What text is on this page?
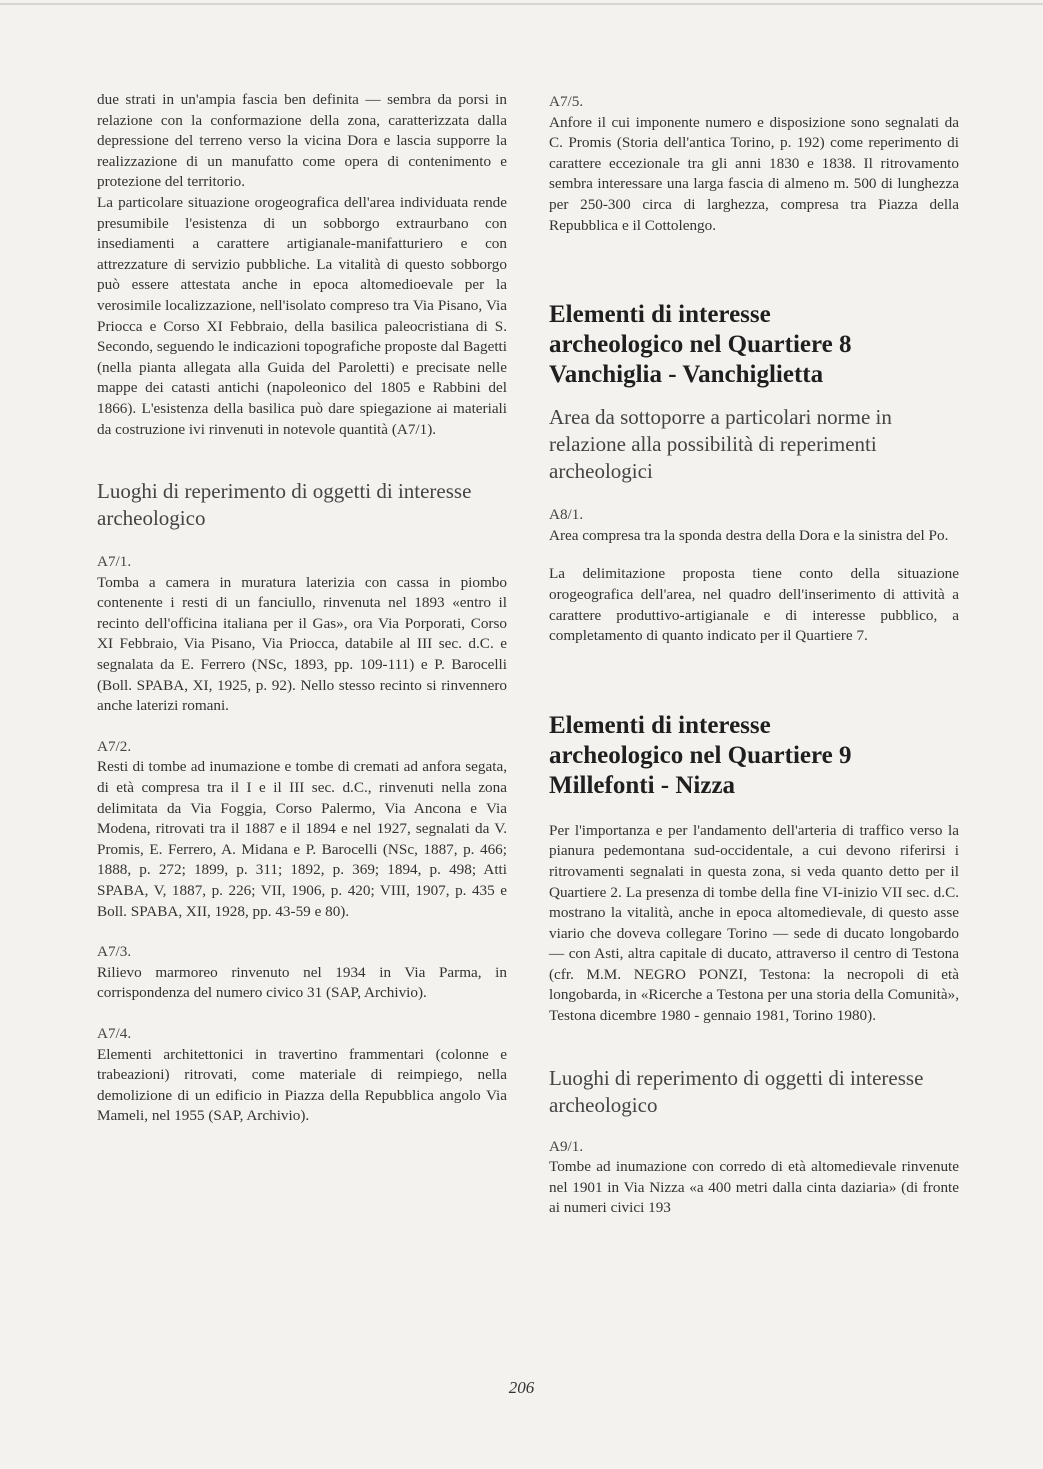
due strati in un'ampia fascia ben definita — sembra da porsi in relazione con la conformazione della zona, caratterizzata dalla depressione del terreno verso la vicina Dora e lascia supporre la realizzazione di un manufatto come opera di contenimento e protezione del territorio.

La particolare situazione orogeografica dell'area individuata rende presumibile l'esistenza di un sobborgo extraurbano con insediamenti a carattere artigianale-manifatturiero e con attrezzature di servizio pubbliche. La vitalità di questo sobborgo può essere attestata anche in epoca altomedioevale per la verosimile localizzazione, nell'isolato compreso tra Via Pisano, Via Priocca e Corso XI Febbraio, della basilica paleocristiana di S. Secondo, seguendo le indicazioni topografiche proposte dal Bagetti (nella pianta allegata alla Guida del Paroletti) e precisate nelle mappe dei catasti antichi (napoleonico del 1805 e Rabbini del 1866). L'esistenza della basilica può dare spiegazione ai materiali da costruzione ivi rinvenuti in notevole quantità (A7/1).

Luoghi di reperimento di oggetti di interesse archeologico
A7/1.

Tomba a camera in muratura laterizia con cassa in piombo contenente i resti di un fanciullo, rinvenuta nel 1893 «entro il recinto dell'officina italiana per il Gas», ora Via Porporati, Corso XI Febbraio, Via Pisano, Via Priocca, databile al III sec. d.C. e segnalata da E. Ferrero (NSc, 1893, pp. 109-111) e P. Barocelli (Boll. SPABA, XI, 1925, p. 92). Nello stesso recinto si rinvennero anche laterizi romani.

A7/2.

Resti di tombe ad inumazione e tombe di cremati ad anfora segata, di età compresa tra il I e il III sec. d.C., rinvenuti nella zona delimitata da Via Foggia, Corso Palermo, Via Ancona e Via Modena, ritrovati tra il 1887 e il 1894 e nel 1927, segnalati da V. Promis, E. Ferrero, A. Midana e P. Barocelli (NSc, 1887, p. 466; 1888, p. 272; 1899, p. 311; 1892, p. 369; 1894, p. 498; Atti SPABA, V, 1887, p. 226; VII, 1906, p. 420; VIII, 1907, p. 435 e Boll. SPABA, XII, 1928, pp. 43-59 e 80).

A7/3.

Rilievo marmoreo rinvenuto nel 1934 in Via Parma, in corrispondenza del numero civico 31 (SAP, Archivio).

A7/4.

Elementi architettonici in travertino frammentari (colonne e trabeazioni) ritrovati, come materiale di reimpiego, nella demolizione di un edificio in Piazza della Repubblica angolo Via Mameli, nel 1955 (SAP, Archivio).

A7/5.

Anfore il cui imponente numero e disposizione sono segnalati da C. Promis (Storia dell'antica Torino, p. 192) come reperimento di carattere eccezionale tra gli anni 1830 e 1838. Il ritrovamento sembra interessare una larga fascia di almeno m. 500 di lunghezza per 250-300 circa di larghezza, compresa tra Piazza della Repubblica e il Cottolengo.

Elementi di interesse
archeologico nel Quartiere 8
Vanchiglia - Vanchiglietta
Area da sottoporre a particolari norme in relazione alla possibilità di reperimenti archeologici
A8/1.

Area compresa tra la sponda destra della Dora e la sinistra del Po.

La delimitazione proposta tiene conto della situazione orogeografica dell'area, nel quadro dell'inserimento di attività a carattere produttivo-artigianale e di interesse pubblico, a completamento di quanto indicato per il Quartiere 7.

Elementi di interesse
archeologico nel Quartiere 9
Millefonti - Nizza

Per l'importanza e per l'andamento dell'arteria di traffico verso la pianura pedemontana sud-occidentale, a cui devono riferirsi i ritrovamenti segnalati in questa zona, si veda quanto detto per il Quartiere 2. La presenza di tombe della fine VI-inizio VII sec. d.C. mostrano la vitalità, anche in epoca altomedievale, di questo asse viario che doveva collegare Torino — sede di ducato longobardo — con Asti, altra capitale di ducato, attraverso il centro di Testona (cfr. M.M. NEGRO PONZI, Testona: la necropoli di età longobarda, in «Ricerche a Testona per una storia della Comunità», Testona dicembre 1980 - gennaio 1981, Torino 1980).

Luoghi di reperimento di oggetti di interesse archeologico
A9/1.

Tombe ad inumazione con corredo di età altomedievale rinvenute nel 1901 in Via Nizza «a 400 metri dalla cinta daziaria» (di fronte ai numeri civici 193

206
